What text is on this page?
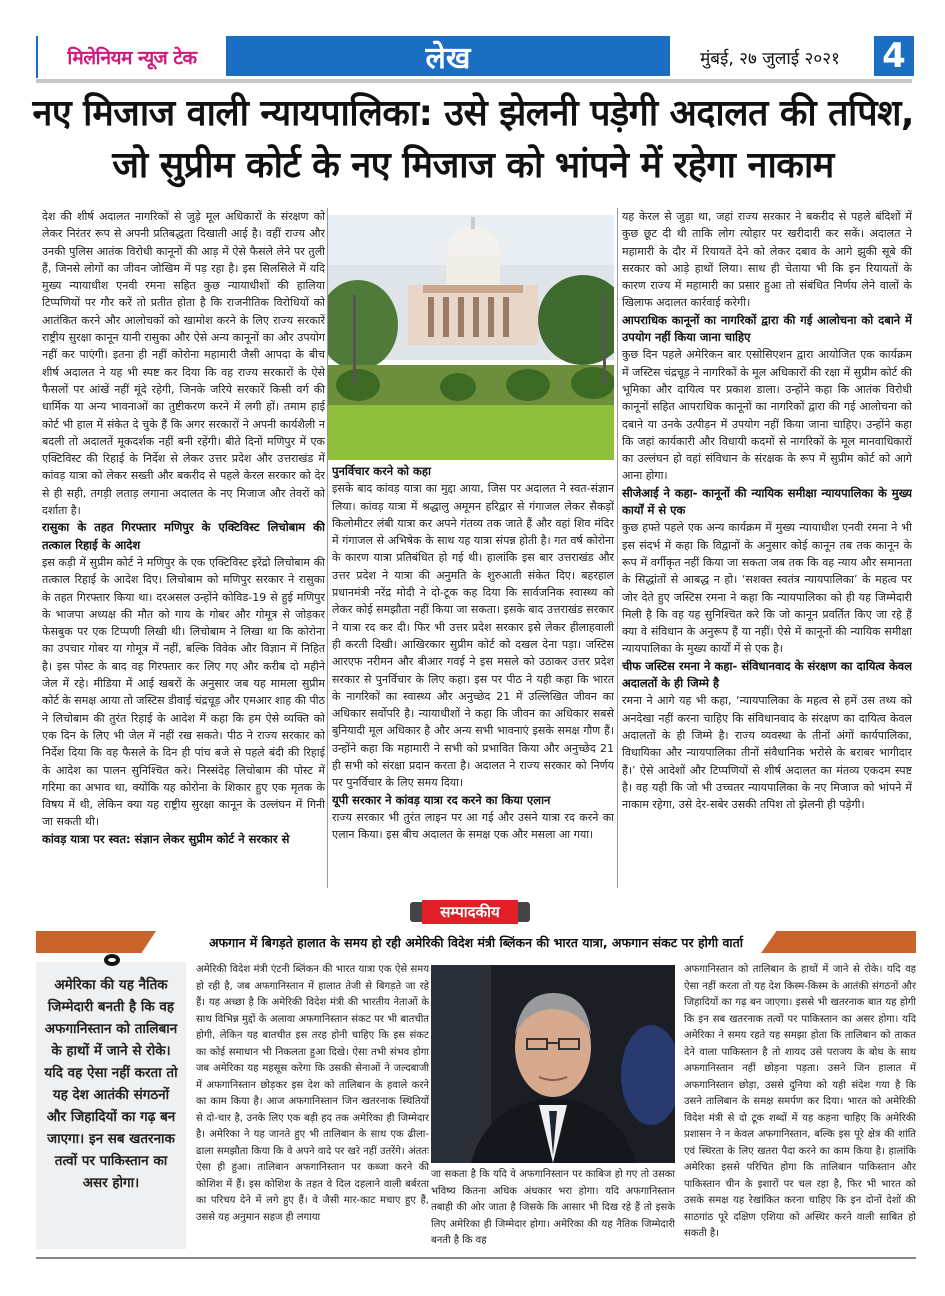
मिलेनियम न्यूज टेक	लेख	मुंबई, २७ जुलाई २०२१	4
नए मिजाज वाली न्यायपालिका: उसे झेलनी पड़ेगी अदालत की तपिश,
जो सुप्रीम कोर्ट के नए मिजाज को भांपने में रहेगा नाकाम

देश की शीर्ष अदालत नागरिकों से जुड़े मूल अधिकारों के संरक्षण को लेकर निरंतर रूप से अपनी प्रतिबद्धता दिखाती आई है। वहीं राज्य और उनकी पुलिस आतंक विरोधी कानूनों की आड़ में ऐसे फैसले लेने पर तुली हैं, जिनसे लोगों का जीवन जोखिम में पड़ रहा है। इस सिलसिले में यदि मुख्य न्यायाधीश एनवी रमना सहित कुछ न्यायाधीशों की हालिया टिप्पणियों पर गौर करें तो प्रतीत होता है कि राजनीतिक विरोधियों को आतंकित करने और आलोचकों को खामोश करने के लिए राज्य सरकारें राष्ट्रीय सुरक्षा कानून यानी रासुका और ऐसे अन्य कानूनों का और उपयोग नहीं कर पाएंगी। इतना ही नहीं कोरोना महामारी जैसी आपदा के बीच शीर्ष अदालत ने यह भी स्पष्ट कर दिया कि वह राज्य सरकारों के ऐसे फैसलों पर आंखें नहीं मूंदे रहेगी, जिनके जरिये सरकारें किसी वर्ग की धार्मिक या अन्य भावनाओं का तुष्टीकरण करने में लगी हों। तमाम हाई कोर्ट भी हाल में संकेत दे चुके हैं कि अगर सरकारों ने अपनी कार्यशैली न बदली तो अदालतें मूकदर्शक नहीं बनी रहेंगी। बीते दिनों मणिपुर में एक एक्टिविस्ट की रिहाई के निर्देश से लेकर उत्तर प्रदेश और उत्तराखंड में कांवड़ यात्रा को लेकर सख्ती और बकरीद से पहले केरल सरकार को देर से ही सही, तगड़ी लताड़ लगाना अदालत के नए मिजाज और तेवरों को दर्शाता है।

रासुका के तहत गिरफ्तार मणिपुर के एक्टिविस्ट लिचोबाम की तत्काल रिहाई के आदेश

इस कड़ी में सुप्रीम कोर्ट ने मणिपुर के एक एक्टिविस्ट इरेंद्रो लिचोबाम की तत्काल रिहाई के आदेश दिए। लिचोबाम को मणिपुर सरकार ने रासुका के तहत गिरफ्तार किया था। दरअसल उन्होंने कोविड-19 से हुई मणिपुर के भाजपा अध्यक्ष की मौत को गाय के गोबर और गोमूत्र से जोड़कर फेसबुक पर एक टिप्पणी लिखी थी। लिचोबाम ने लिखा था कि कोरोना का उपचार गोबर या गोमूत्र में नहीं, बल्कि विवेक और विज्ञान में निहित है। इस पोस्ट के बाद वह गिरफ्तार कर लिए गए और करीब दो महीने जेल में रहे। मीडिया में आई खबरों के अनुसार जब यह मामला सुप्रीम कोर्ट के समक्ष आया तो जस्टिस डीवाई चंद्रचूड़ और एमआर शाह की पीठ ने लिचोबाम की तुरंत रिहाई के आदेश में कहा कि हम ऐसे व्यक्ति को एक दिन के लिए भी जेल में नहीं रख सकते। पीठ ने राज्य सरकार को निर्देश दिया कि वह फैसले के दिन ही पांच बजे से पहले बंदी की रिहाई के आदेश का पालन सुनिश्चित करे। निस्संदेह लिचोबाम की पोस्ट में गरिमा का अभाव था, क्योंकि यह कोरोना के शिकार हुए एक मृतक के विषय में थी, लेकिन क्या यह राष्ट्रीय सुरक्षा कानून के उल्लंघन में गिनी जा सकती थी।

कांवड़ यात्रा पर स्वत: संज्ञान लेकर सुप्रीम कोर्ट ने सरकार से
पुनर्विचार करने को कहा

इसके बाद कांवड़ यात्रा का मुद्दा आया, जिस पर अदालत ने स्वत-संज्ञान लिया। कांवड़ यात्रा में श्रद्धालु अमूमन हरिद्वार से गंगाजल लेकर सैकड़ों किलोमीटर लंबी यात्रा कर अपने गंतव्य तक जाते हैं और वहां शिव मंदिर में गंगाजल से अभिषेक के साथ यह यात्रा संपन्न होती है। गत वर्ष कोरोना के कारण यात्रा प्रतिबंधित हो गई थी। हालांकि इस बार उत्तराखंड और उत्तर प्रदेश ने यात्रा की अनुमति के शुरुआती संकेत दिए। बहरहाल प्रधानमंत्री नरेंद्र मोदी ने दो-टूक कह दिया कि सार्वजनिक स्वास्थ्य को लेकर कोई समझौता नहीं किया जा सकता। इसके बाद उत्तराखंड सरकार ने यात्रा रद कर दी। फिर भी उत्तर प्रदेश सरकार इसे लेकर हीलाहवाली ही करती दिखी। आखिरकार सुप्रीम कोर्ट को दखल देना पड़ा। जस्टिस आरएफ नरीमन और बीआर गवई ने इस मसले को उठाकर उत्तर प्रदेश सरकार से पुनर्विचार के लिए कहा। इस पर पीठ ने यही कहा कि भारत के नागरिकों का स्वास्थ्य और अनुच्छेद 21 में उल्लिखित जीवन का अधिकार सर्वोपरि है। न्यायाधीशों ने कहा कि जीवन का अधिकार सबसे बुनियादी मूल अधिकार है और अन्य सभी भावनाएं इसके समक्ष गौण हैं। उन्होंने कहा कि महामारी ने सभी को प्रभावित किया और अनुच्छेद 21 ही सभी को संरक्षा प्रदान करता है। अदालत ने राज्य सरकार को निर्णय पर पुनर्विचार के लिए समय दिया।

यूपी सरकार ने कांवड़ यात्रा रद करने का किया एलान

राज्य सरकार भी तुरंत लाइन पर आ गई और उसने यात्रा रद करने का एलान किया। इस बीच अदालत के समक्ष एक और मसला आ गया।

यह केरल से जुड़ा था, जहां राज्य सरकार ने बकरीद से पहले बंदिशों में कुछ छूट दी थी ताकि लोग त्योहार पर खरीदारी कर सकें। अदालत ने महामारी के दौर में रियायतें देने को लेकर दबाव के आगे झुकी सूबे की सरकार को आड़े हाथों लिया। साथ ही चेताया भी कि इन रियायतों के कारण राज्य में महामारी का प्रसार हुआ तो संबंधित निर्णय लेने वालों के खिलाफ अदालत कार्रवाई करेगी।

आपराधिक कानूनों का नागरिकों द्वारा की गई आलोचना को दबाने में उपयोग नहीं किया जाना चाहिए

कुछ दिन पहले अमेरिकन बार एसोसिएशन द्वारा आयोजित एक कार्यक्रम में जस्टिस चंद्रचूड़ ने नागरिकों के मूल अधिकारों की रक्षा में सुप्रीम कोर्ट की भूमिका और दायित्व पर प्रकाश डाला। उन्होंने कहा कि आतंक विरोधी कानूनों सहित आपराधिक कानूनों का नागरिकों द्वारा की गई आलोचना को दबाने या उनके उत्पीड़न में उपयोग नहीं किया जाना चाहिए। उन्होंने कहा कि जहां कार्यकारी और विधायी कदमों से नागरिकों के मूल मानवाधिकारों का उल्लंघन हो वहां संविधान के संरक्षक के रूप में सुप्रीम कोर्ट को आगे आना होगा।

सीजेआई ने कहा- कानूनों की न्यायिक समीक्षा न्यायपालिका के मुख्य कार्यों में से एक

कुछ हफ्ते पहले एक अन्य कार्यक्रम में मुख्य न्यायाधीश एनवी रमना ने भी इस संदर्भ में कहा कि विद्वानों के अनुसार कोई कानून तब तक कानून के रूप में वर्गीकृत नहीं किया जा सकता जब तक कि वह न्याय और समानता के सिद्धांतों से आबद्ध न हो। ‘सशक्त स्वतंत्र न्यायपालिका’ के महत्व पर जोर देते हुए जस्टिस रमना ने कहा कि न्यायपालिका को ही यह जिम्मेदारी मिली है कि वह यह सुनिश्चित करे कि जो कानून प्रवर्तित किए जा रहे हैं क्या वे संविधान के अनुरूप हैं या नहीं। ऐसे में कानूनों की न्यायिक समीक्षा न्यायपालिका के मुख्य कार्यों में से एक है।

चीफ जस्टिस रमना ने कहा- संविधानवाद के संरक्षण का दायित्व केवल अदालतों के ही जिम्मे है

रमना ने आगे यह भी कहा, ‘न्यायपालिका के महत्व से हमें उस तथ्य को अनदेखा नहीं करना चाहिए कि संविधानवाद के संरक्षण का दायित्व केवल अदालतों के ही जिम्मे है। राज्य व्यवस्था के तीनों अंगों कार्यपालिका, विधायिका और न्यायपालिका तीनों संवैधानिक भरोसे के बराबर भागीदार हैं।’ ऐसे आदेशों और टिप्पणियों से शीर्ष अदालत का मंतव्य एकदम स्पष्ट है। वह यही कि जो भी उच्चतर न्यायपालिका के नए मिजाज को भांपने में नाकाम रहेगा, उसे देर-सबेर उसकी तपिश तो झेलनी ही पड़ेगी।

सम्पादकीय
अफगान में बिगड़ते हालात के समय हो रही अमेरिकी विदेश मंत्री ब्लिंकन की भारत यात्रा, अफगान संकट पर होगी वार्ता
अमेरिका की यह नैतिक जिम्मेदारी बनती है कि वह अफगानिस्तान को तालिबान के हाथों में जाने से रोके। यदि वह ऐसा नहीं करता तो यह देश आतंकी संगठनों और जिहादियों का गढ़ बन जाएगा। इन सब खतरनाक तत्वों पर पाकिस्तान का असर होगा।

अमेरिकी विदेश मंत्री एंटनी ब्लिंकन की भारत यात्रा एक ऐसे समय हो रही है, जब अफगानिस्तान में हालात तेजी से बिगड़ते जा रहे हैं। यह अच्छा है कि अमेरिकी विदेश मंत्री की भारतीय नेताओं के साथ विभिन्न मुद्दों के अलावा अफगानिस्तान संकट पर भी बातचीत होगी, लेकिन यह बातचीत इस तरह होनी चाहिए कि इस संकट का कोई समाधान भी निकलता हुआ दिखे। ऐसा तभी संभव होगा जब अमेरिका यह महसूस करेगा कि उसकी सेनाओं ने जल्दबाजी में अफगानिस्तान छोड़कर इस देश को तालिबान के हवाले करने का काम किया है। आज अफगानिस्तान जिन खतरनाक स्थितियों से दो-चार है, उनके लिए एक बड़ी हद तक अमेरिका ही जिम्मेदार है। अमेरिका ने यह जानते हुए भी तालिबान के साथ एक ढीला-ढाला समझौता किया कि वे अपने वादे पर खरे नहीं उतरेंगे। अंततः ऐसा ही हुआ। तालिबान अफगानिस्तान पर कब्जा करने की कोशिश में हैं। इस कोशिश के तहत वे दिल दहलाने वाली बर्बरता का परिचय देने में लगे हुए हैं। वे जैसी मार-काट मचाए हुए हैं, उससे यह अनुमान सहज ही लगाया

जा सकता है कि यदि वे अफगानिस्तान पर काबिज हो गए तो उसका भविष्य कितना अधिक अंधकार भरा होगा। यदि अफगानिस्तान तबाही की ओर जाता है जिसके कि आसार भी दिख रहे हैं तो इसके लिए अमेरिका ही जिम्मेदार होगा। अमेरिका की यह नैतिक जिम्मेदारी बनती है कि वह

अफगानिस्तान को तालिबान के हाथों में जाने से रोके। यदि वह ऐसा नहीं करता तो यह देश किस्म-किस्म के आतंकी संगठनों और जिहादियों का गढ़ बन जाएगा। इससे भी खतरनाक बात यह होगी कि इन सब खतरनाक तत्वों पर पाकिस्तान का असर होगा। यदि अमेरिका ने समय रहते यह समझा होता कि तालिबान को ताकत देने वाला पाकिस्तान है तो शायद उसे पराजय के बोध के साथ अफगानिस्तान नहीं छोड़ना पड़ता। उसने जिन हालात में अफगानिस्तान छोड़ा, उससे दुनिया को यही संदेश गया है कि उसने तालिबान के समक्ष समर्पण कर दिया। भारत को अमेरिकी विदेश मंत्री से दो टूक शब्दों में यह कहना चाहिए कि अमेरिकी प्रशासन ने न केवल अफगानिस्तान, बल्कि इस पूरे क्षेत्र की शांति एवं स्थिरता के लिए खतरा पैदा करने का काम किया है। हालांकि अमेरिका इससे परिचित होगा कि तालिबान पाकिस्तान और पाकिस्तान चीन के इशारों पर चल रहा है, फिर भी भारत को उसके समक्ष यह रेखांकित करना चाहिए कि इन दोनों देशों की साठगांठ पूरे दक्षिण एशिया को अस्थिर करने वाली साबित हो सकती है।
